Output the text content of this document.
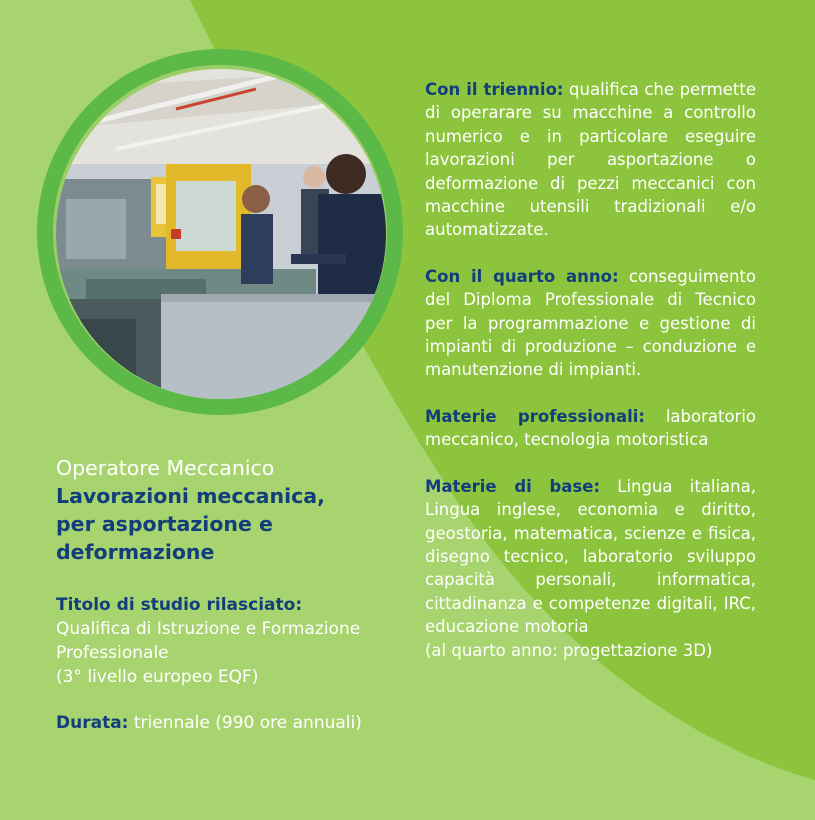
Operatore Meccanico
Lavorazioni meccanica,
per asportazione e
deformazione
Titolo di studio rilasciato:
Qualifica di Istruzione e Formazione
Professionale
(3° livello europeo EQF)
Durata: triennale (990 ore annuali)

Con il triennio: qualifica che permette di operarare su macchine a controllo numerico e in particolare eseguire lavorazioni per asportazione o deformazione di pezzi meccanici con macchine utensili tradizionali e/o automatizzate.

Con il quarto anno: conseguimento del Diploma Professionale di Tecnico per la programmazione e gestione di impianti di produzione – conduzione e manutenzione di impianti.

Materie professionali: laboratorio meccanico, tecnologia motoristica

Materie di base: Lingua italiana, Lingua inglese, economia e diritto, geostoria, matematica, scienze e fisica, disegno tecnico, laboratorio sviluppo capacità personali, informatica, cittadinanza e competenze digitali, IRC, educazione motoria

(al quarto anno: progettazione 3D)
